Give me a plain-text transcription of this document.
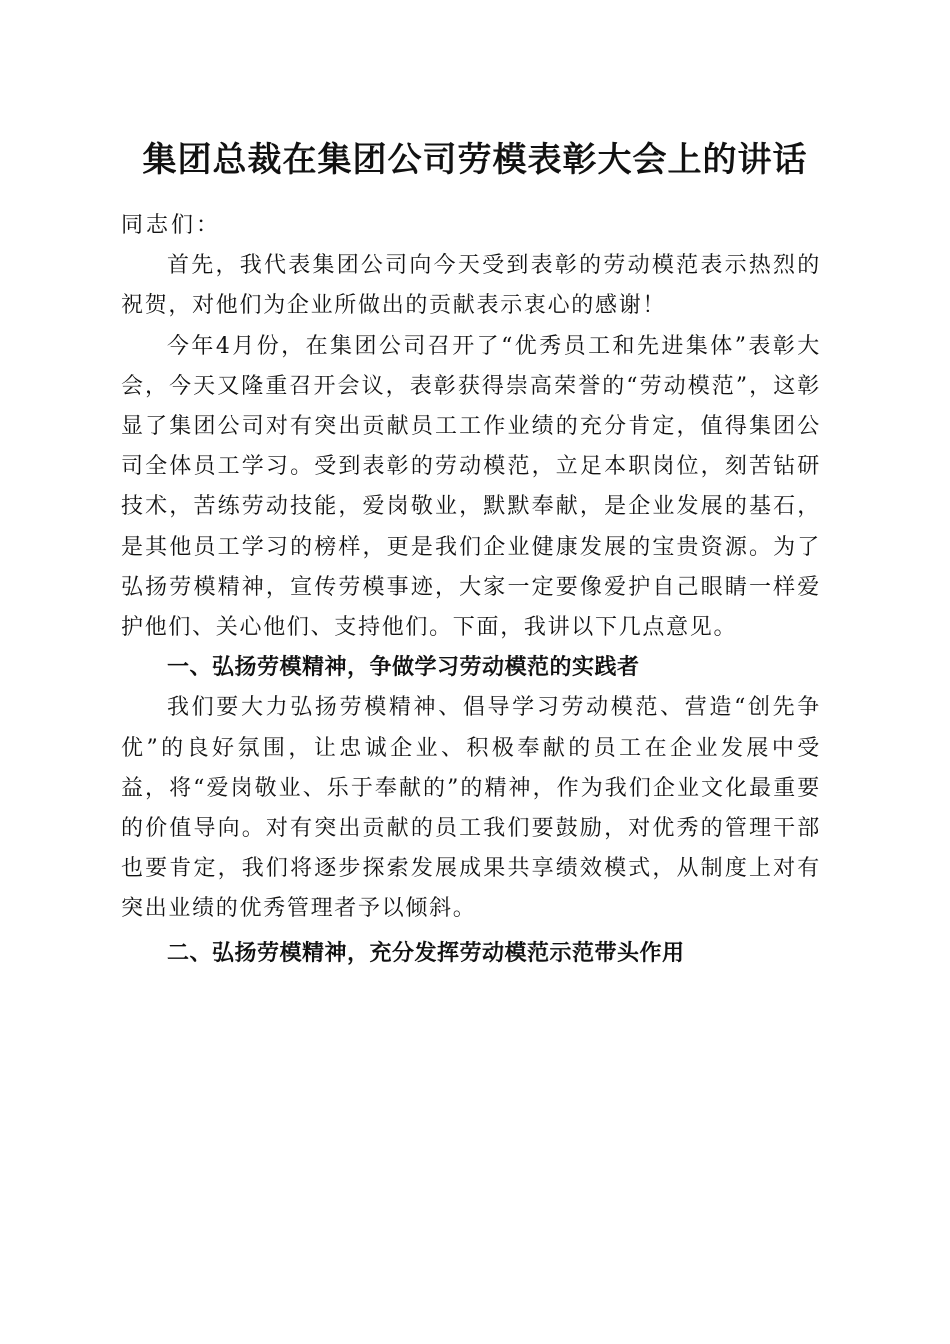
集团总裁在集团公司劳模表彰大会上的讲话

同志们：

首先，我代表集团公司向今天受到表彰的劳动模范表示热烈的祝贺，对他们为企业所做出的贡献表示衷心的感谢！

今年4月份，在集团公司召开了“优秀员工和先进集体”表彰大会，今天又隆重召开会议，表彰获得崇高荣誉的“劳动模范”，这彰显了集团公司对有突出贡献员工工作业绩的充分肯定，值得集团公司全体员工学习。受到表彰的劳动模范，立足本职岗位，刻苦钻研技术，苦练劳动技能，爱岗敬业，默默奉献，是企业发展的基石，是其他员工学习的榜样，更是我们企业健康发展的宝贵资源。为了弘扬劳模精神，宣传劳模事迹，大家一定要像爱护自己眼睛一样爱护他们、关心他们、支持他们。下面，我讲以下几点意见。

一、弘扬劳模精神，争做学习劳动模范的实践者

我们要大力弘扬劳模精神、倡导学习劳动模范、营造“创先争优”的良好氛围，让忠诚企业、积极奉献的员工在企业发展中受益，将“爱岗敬业、乐于奉献的”的精神，作为我们企业文化最重要的价值导向。对有突出贡献的员工我们要鼓励，对优秀的管理干部也要肯定，我们将逐步探索发展成果共享绩效模式，从制度上对有突出业绩的优秀管理者予以倾斜。

二、弘扬劳模精神，充分发挥劳动模范示范带头作用
